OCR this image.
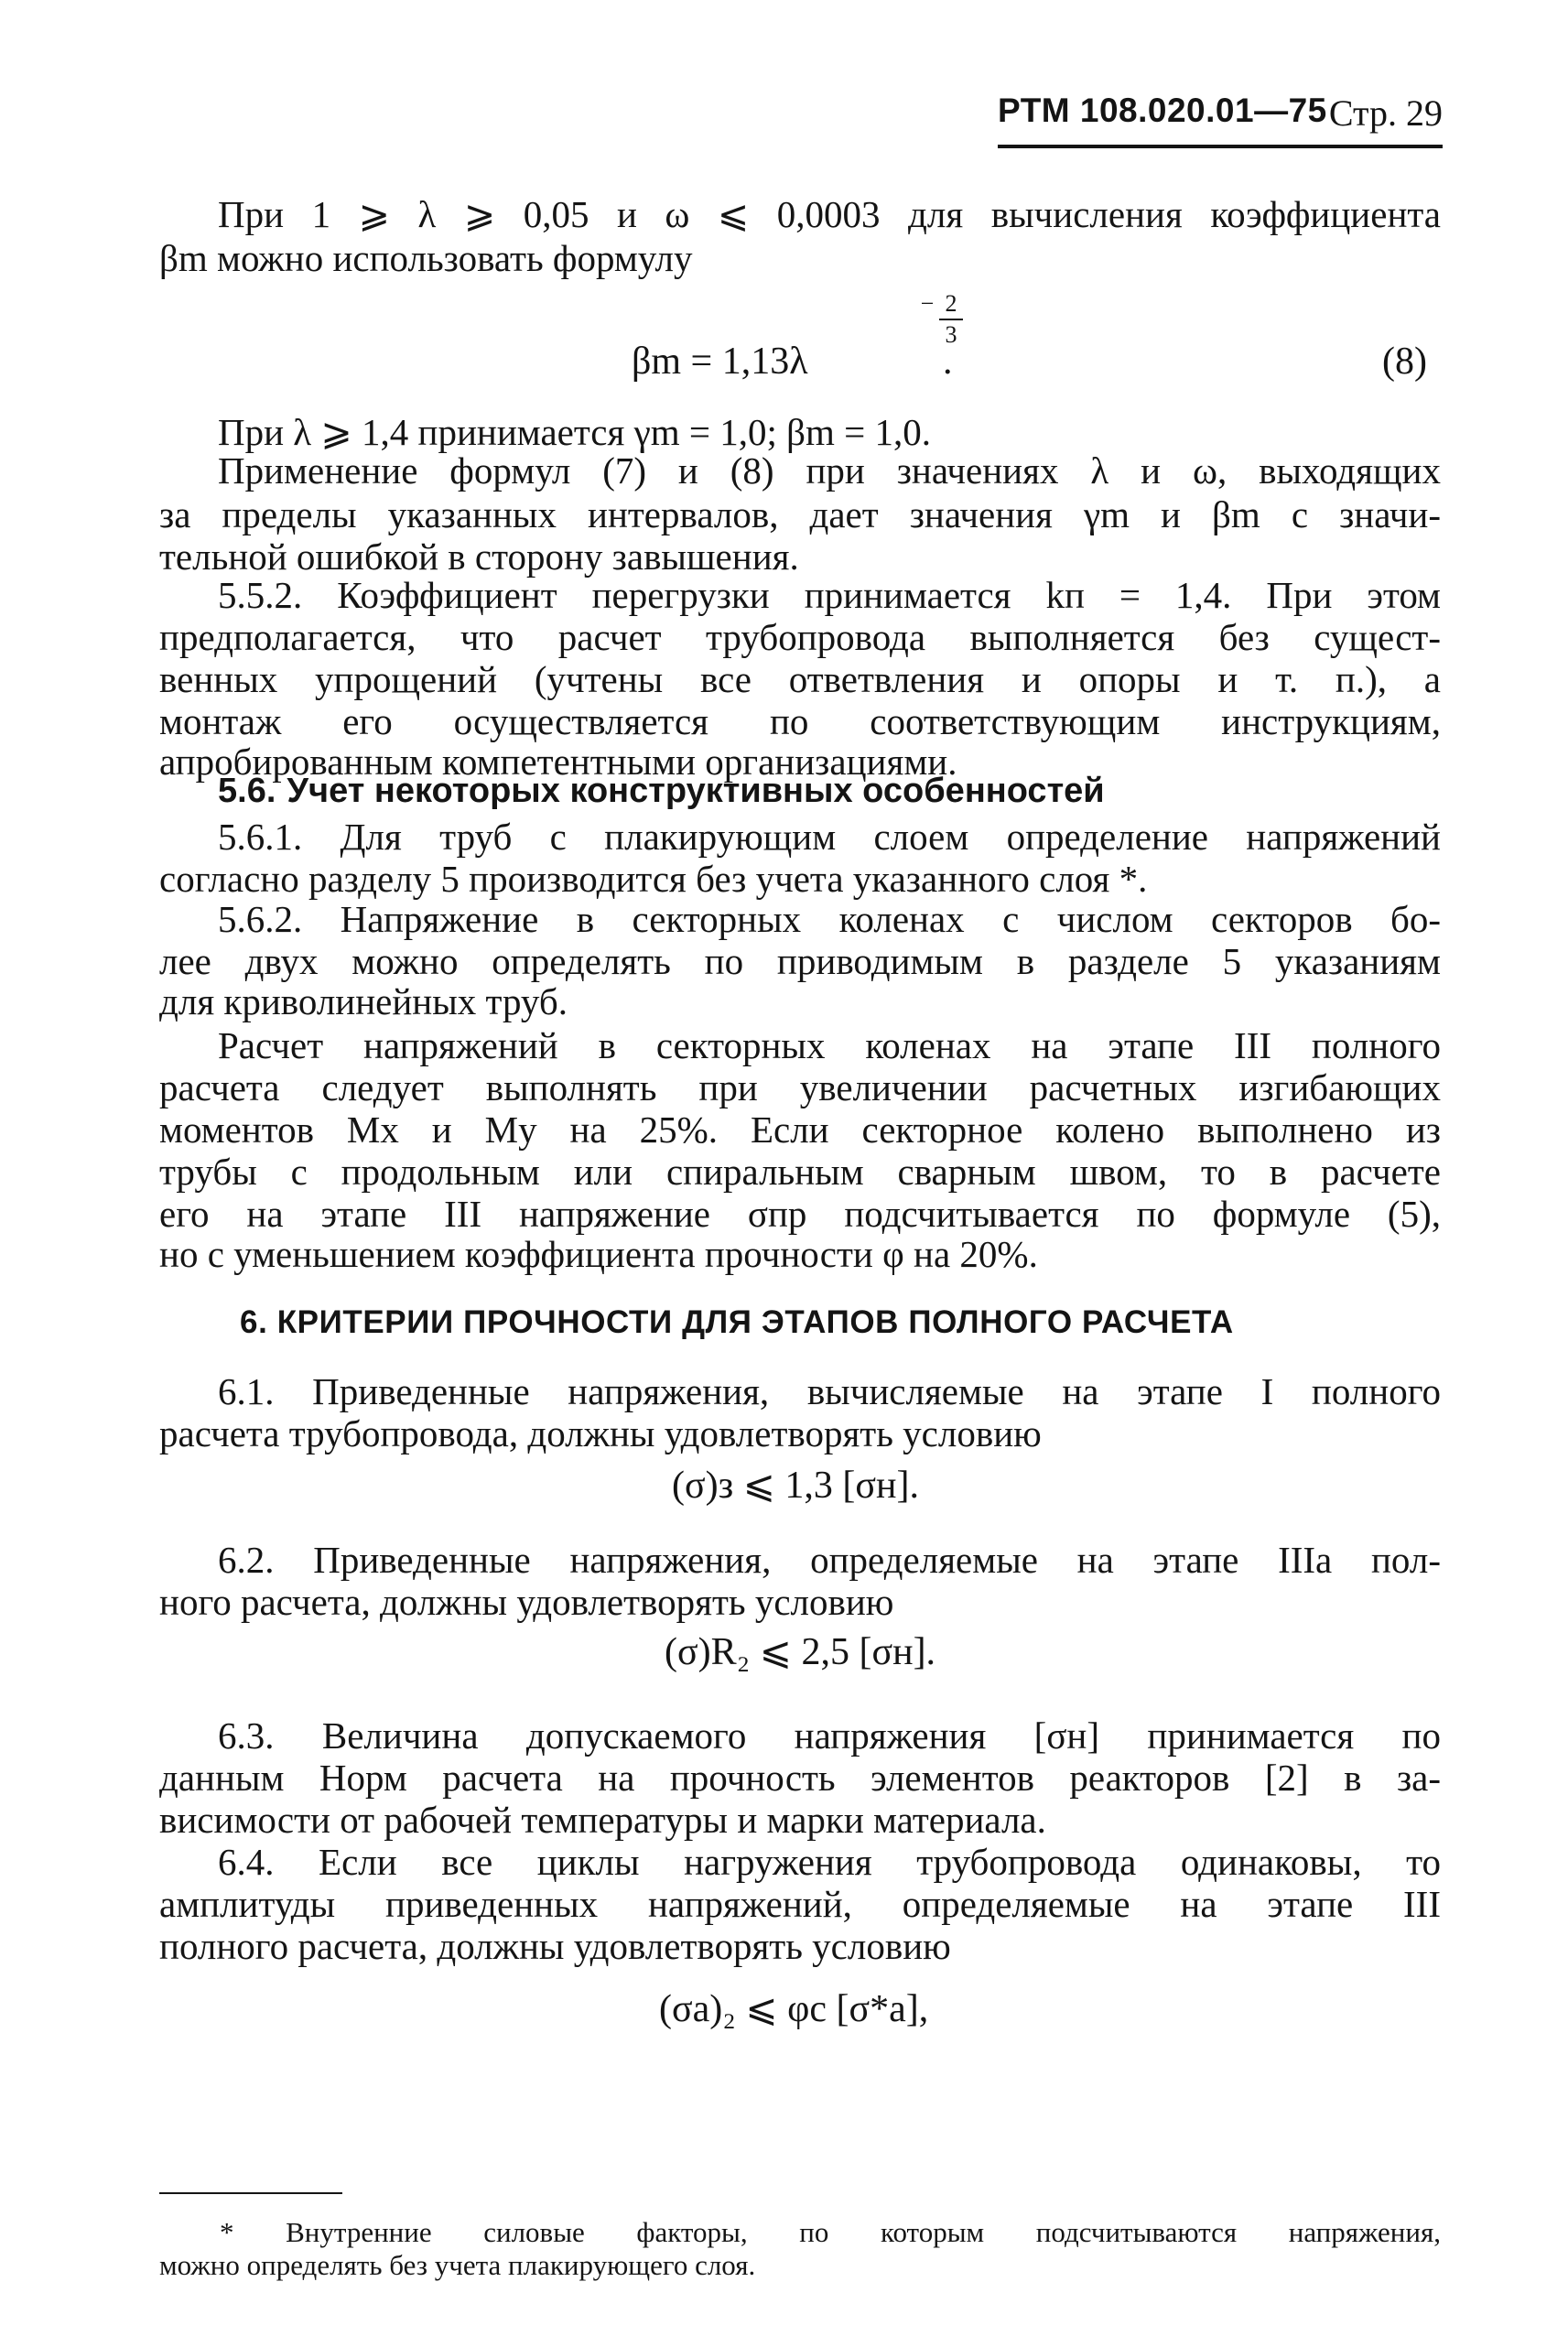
РТМ 108.020.01—75 Стр. 29
При 1 ⩾ λ ⩾ 0,05 и ω ⩽ 0,0003 для вычисления коэффициента
βm можно использовать формулу
− 2
3
βm = 1,13λ	.	(8)
При λ ⩾ 1,4 принимается γm = 1,0; βm = 1,0.
Применение формул (7) и (8) при значениях λ и ω, выходящих
за пределы указанных интервалов, дает значения γm и βm с значи-
тельной ошибкой в сторону завышения.
5.5.2. Коэффициент перегрузки принимается kп = 1,4. При этом
предполагается, что расчет трубопровода выполняется без сущест-
венных упрощений (учтены все ответвления и опоры и т. п.), а
монтаж его осуществляется по соответствующим инструкциям,
апробированным компетентными организациями.
5.6. Учет некоторых конструктивных особенностей
5.6.1. Для труб с плакирующим слоем определение напряжений
согласно разделу 5 производится без учета указанного слоя *.
5.6.2. Напряжение в секторных коленах с числом секторов бо-
лее двух можно определять по приводимым в разделе 5 указаниям
для криволинейных труб.
Расчет напряжений в секторных коленах на этапе III полного
расчета следует выполнять при увеличении расчетных изгибающих
моментов Mx и My на 25%. Если секторное колено выполнено из
трубы с продольным или спиральным сварным швом, то в расчете
его на этапе III напряжение σпр подсчитывается по формуле (5),
но с уменьшением коэффициента прочности φ на 20%.
6. КРИТЕРИИ ПРОЧНОСТИ ДЛЯ ЭТАПОВ ПОЛНОГО РАСЧЕТА
6.1. Приведенные напряжения, вычисляемые на этапе I полного
расчета трубопровода, должны удовлетворять условию
(σ)з ⩽ 1,3 [σн].
6.2. Приведенные напряжения, определяемые на этапе IIIа пол-
ного расчета, должны удовлетворять условию
(σ)R₂ ⩽ 2,5 [σн].
6.3. Величина допускаемого напряжения [σн] принимается по
данным Норм расчета на прочность элементов реакторов [2] в за-
висимости от рабочей температуры и марки материала.
6.4. Если все циклы нагружения трубопровода одинаковы, то
амплитуды приведенных напряжений, определяемые на этапе III
полного расчета, должны удовлетворять условию
(σa)₂ ⩽ φc [σ*a],
* Внутренние силовые факторы, по которым подсчитываются напряжения,
можно определять без учета плакирующего слоя.
